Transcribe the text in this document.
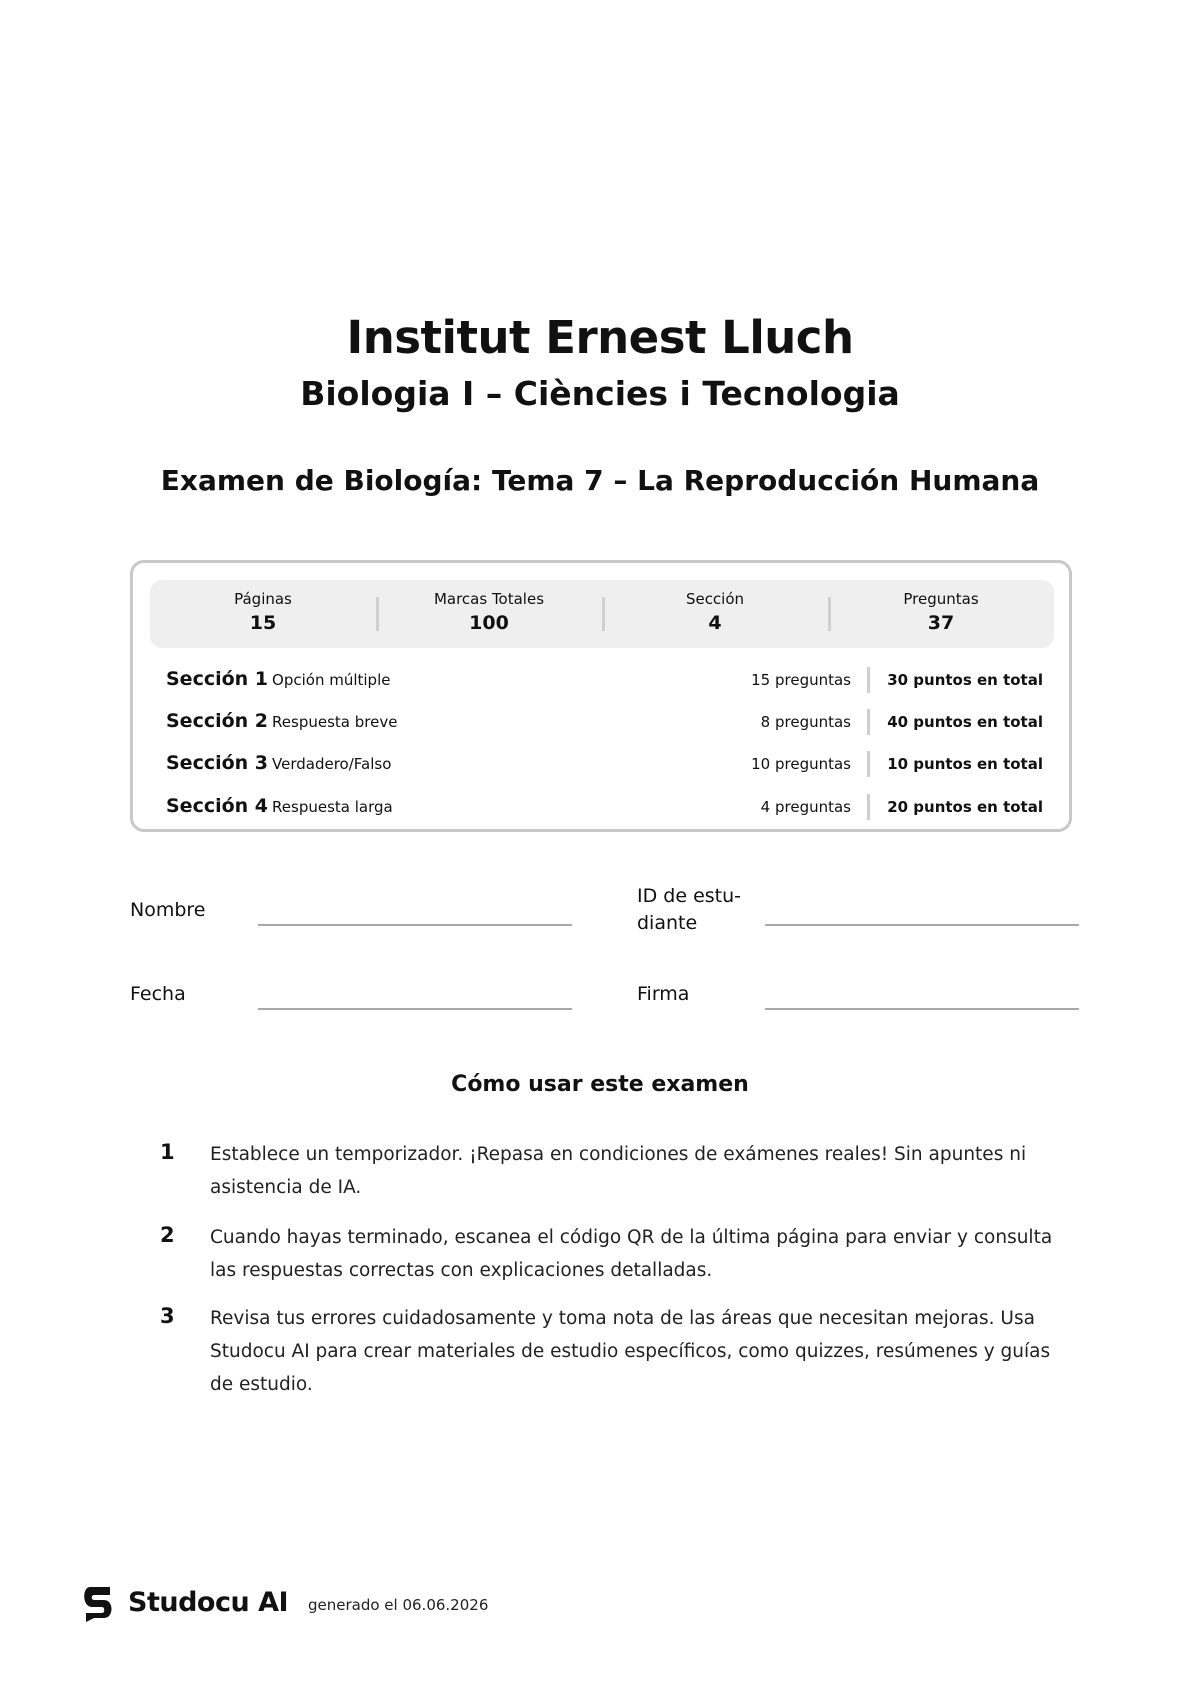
Institut Ernest Lluch
Biologia I – Ciències i Tecnologia
Examen de Biología: Tema 7 – La Reproducción Humana
Páginas
15
Marcas Totales
100
Sección
4
Preguntas
37
Sección 1 Opción múltiple	15 preguntas 30 puntos en total
Sección 2 Respuesta breve	8 preguntas 40 puntos en total
Sección 3 Verdadero/Falso	10 preguntas 10 puntos en total
Sección 4 Respuesta larga	4 preguntas 20 puntos en total
Nombre
ID de estu-
diante
Fecha	Firma
Cómo usar este examen
1 Establece un temporizador. ¡Repasa en condiciones de exámenes reales! Sin apuntes ni asistencia de IA.
2 Cuando hayas terminado, escanea el código QR de la última página para enviar y consulta las respuestas correctas con explicaciones detalladas.
3 Revisa tus errores cuidadosamente y toma nota de las áreas que necesitan mejoras. Usa Studocu AI para crear materiales de estudio específicos, como quizzes, resúmenes y guías de estudio.
Studocu AI generado el 06.06.2026
